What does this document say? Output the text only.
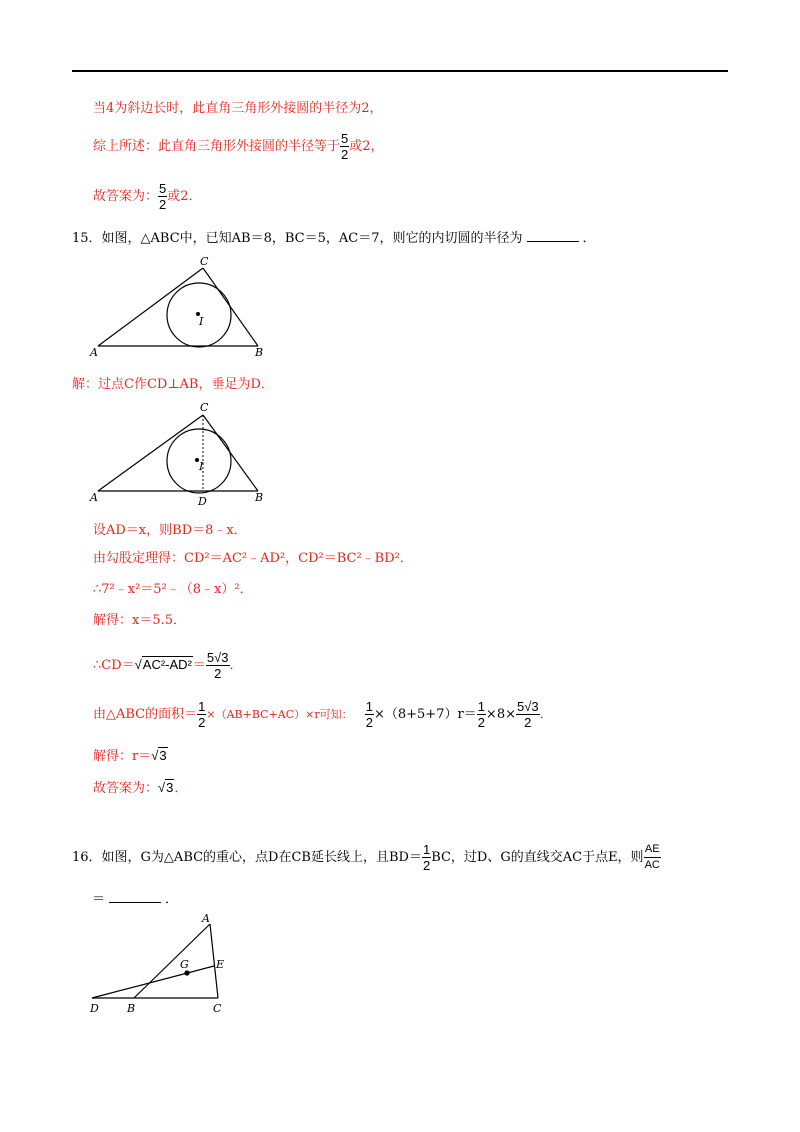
当4为斜边长时，此直角三角形外接圆的半径为2，
综上所述：此直角三角形外接圆的半径等于 $\frac{5}{2}$ 或2，
故答案为： $\frac{5}{2}$ 或2．
15．如图，△ABC中，已知AB＝8，BC＝5，AC＝7，则它的内切圆的半径为	．
A	B
C
I
解：过点C作CD⊥AB，垂足为D．
A	B
C
I
D
设AD＝x，则BD＝8﹣x．
由勾股定理得：CD²＝AC²﹣AD²，CD²＝BC²﹣BD²．
∴7²﹣x²＝5²﹣（8﹣x）²．
解得：x＝5.5．
∴CD＝√AC²-AD²＝ $\frac{5√3}{2}$ ．
由△ABC的面积＝ $\frac{1}{2} \times(AB+BC+AC)\times r$可知： $\frac{1}{2} \times(8+5+7)r= \frac{1}{2} \times 8\times \frac{5√3}{2}$ ．
解得：r＝√3
故答案为：√3．
16．如图，G为△ABC的重心，点D在CB延长线上，且$BD= \frac{1}{2}$ BC，过D、G的直线交AC于点E，则 $\frac{AE}{AC}$
＝	．
A
E
G
D	B	C
